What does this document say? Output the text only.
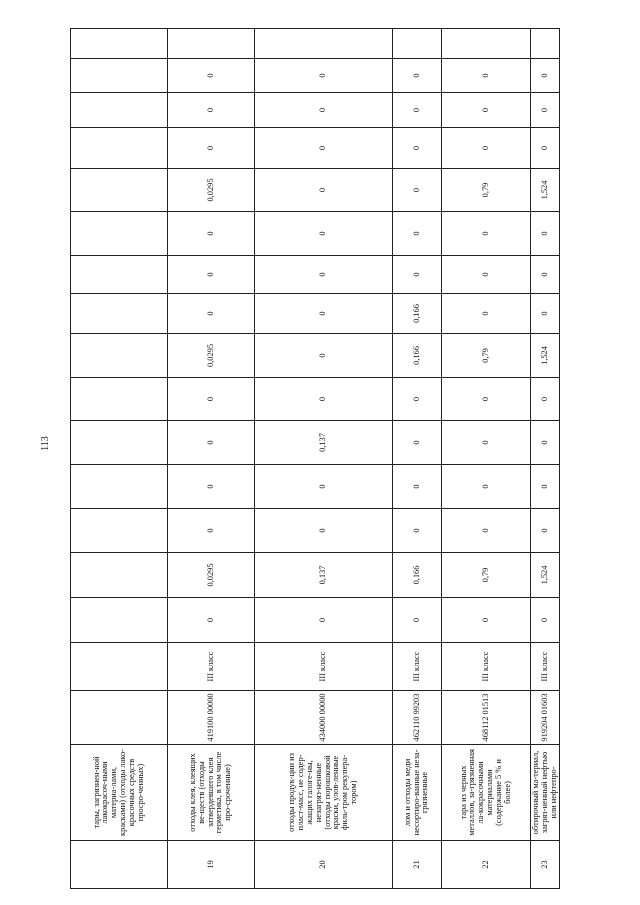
113
	тары, загрязнен-ной лакокрасоч-ными материа-лами, красками) (отходы лако-красочных средств просро-ченных)																	
19	отходы клея, клеящих ве-ществ (отходы затвердевшего клея герметика, в том числе про-сроченные)	419100 00000	III класс	0	0,0295	0	0	0	0	0,0295	0	0	0	0,0295	0	0	0	
20	отходы продук-ции из пласт-масс, не содер-жащих галоге-ны, незагряз-ненные (отходы порошковой краски, улов-ленные филь-тром рекупера-тором)	434000 00000	III класс	0	0,137	0	0	0,137	0	0	0	0	0	0	0	0	0	
21	лом и отходы меди несортиро-ванные неза-грязненные	462110 99203	III класс	0	0,166	0	0	0	0	0,166	0,166	0	0	0	0	0	0	
22	тара из черных металлов, за-грязненная ла-кокрасочными материалами (содержание 5 % и более)	468112 01513	III класс	0	0,79	0	0	0	0	0,79	0	0	0	0,79	0	0	0	
23	обтирочный ма-териал, загряз-ненный нефтью или нефтепро-	919204 01603	III класс	0	1,524	0	0	0	0	1,524	0	0	0	1,524	0	0	0	
